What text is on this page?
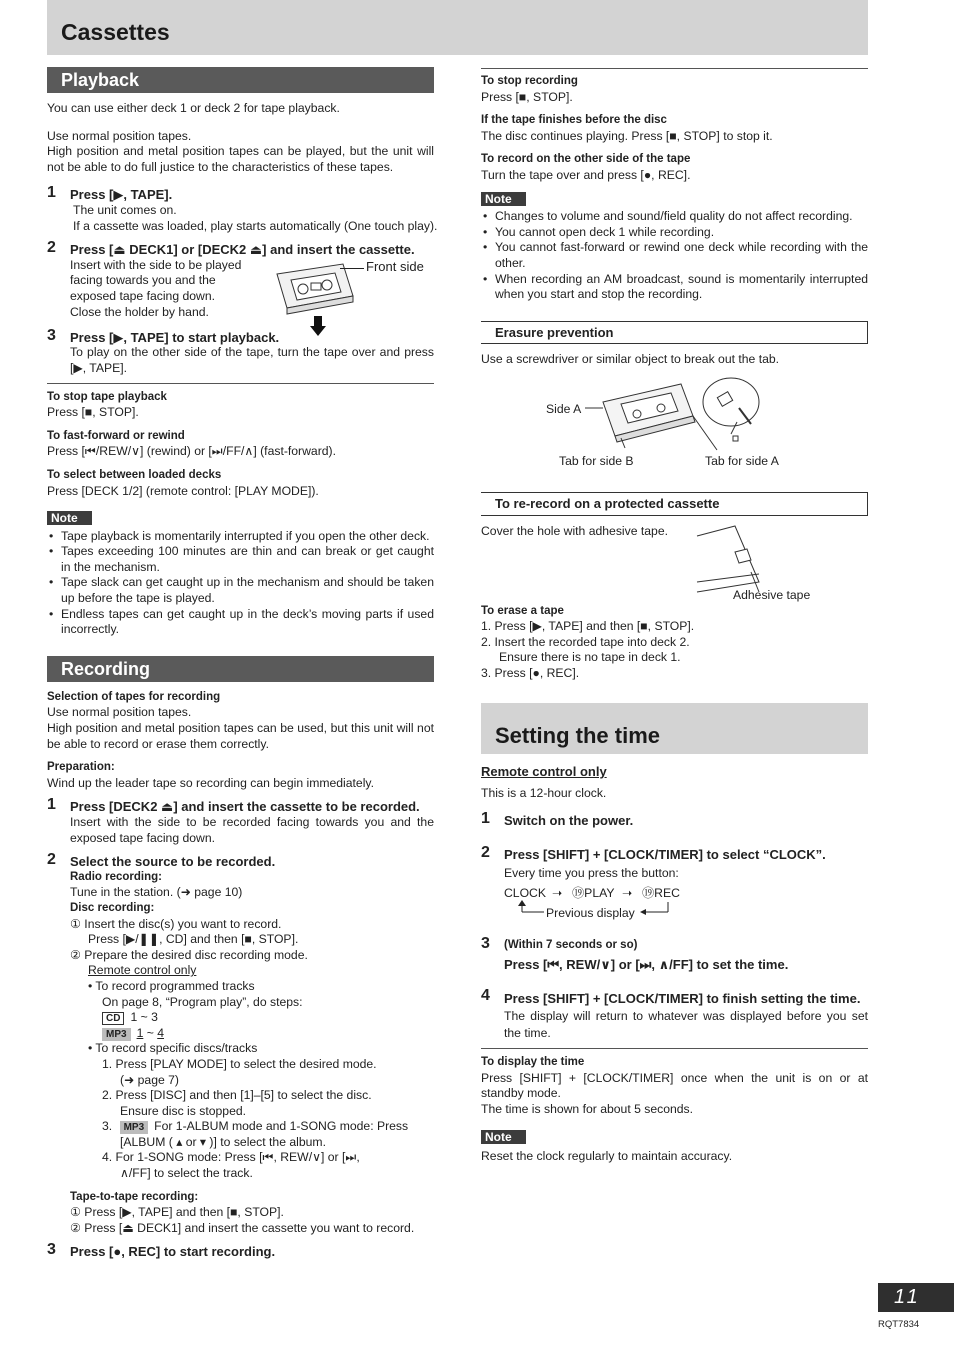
Cassettes
Playback

You can use either deck 1 or deck 2 for tape playback.

Use normal position tapes.

High position and metal position tapes can be played, but the unit will not be able to do full justice to the characteristics of these tapes.

1 Press [▶, TAPE].

The unit comes on.

If a cassette was loaded, play starts automatically (One touch play).

2 Press [⏏ DECK1] or [DECK2 ⏏] and insert the cassette.

Insert with the side to be played

facing towards you and the

exposed tape facing down.

Close the holder by hand.

Front side
3 Press [▶, TAPE] to start playback.

To play on the other side of the tape, turn the tape over and press [▶, TAPE].

To stop tape playback

Press [■, STOP].

To fast-forward or rewind

Press [⏮/REW/∨] (rewind) or [⏭/FF/∧] (fast-forward).

To select between loaded decks

Press [DECK 1/2] (remote control: [PLAY MODE]).

Note
• Tape playback is momentarily interrupted if you open the other deck.
• Tapes exceeding 100 minutes are thin and can break or get caught in the mechanism.
• Tape slack can get caught up in the mechanism and should be taken up before the tape is played.
• Endless tapes can get caught up in the deck’s moving parts if used incorrectly.
Recording

Selection of tapes for recording

Use normal position tapes.

High position and metal position tapes can be used, but this unit will not be able to record or erase them correctly.

Preparation:

Wind up the leader tape so recording can begin immediately.

1 Press [DECK2 ⏏] and insert the cassette to be recorded.

Insert with the side to be recorded facing towards you and the exposed tape facing down.

2 Select the source to be recorded.

Radio recording:

Tune in the station. (➜ page 10)

Disc recording:

① Insert the disc(s) you want to record.

Press [▶/❚❚, CD] and then [■, STOP].

② Prepare the desired disc recording mode.

Remote control only

• To record programmed tracks

On page 8, “Program play”, do steps:

CD 1 ~ 3

MP3 1 ~ 4

• To record specific discs/tracks

1. Press [PLAY MODE] to select the desired mode.

(➜ page 7)

2. Press [DISC] and then [1]–[5] to select the disc.

Ensure disc is stopped.

3. MP3 For 1-ALBUM mode and 1-SONG mode: Press

[ALBUM ( ▴ or ▾ )] to select the album.

4. For 1-SONG mode: Press [⏮, REW/∨] or [⏭,

∧/FF] to select the track.

Tape-to-tape recording:

① Press [▶, TAPE] and then [■, STOP].

② Press [⏏ DECK1] and insert the cassette you want to record.

3 Press [●, REC] to start recording.

To stop recording

Press [■, STOP].

If the tape finishes before the disc

The disc continues playing. Press [■, STOP] to stop it.

To record on the other side of the tape

Turn the tape over and press [●, REC].

Note
• Changes to volume and sound/field quality do not affect recording.
• You cannot open deck 1 while recording.
• You cannot fast-forward or rewind one deck while recording with the other.
• When recording an AM broadcast, sound is momentarily interrupted when you start and stop the recording.
Erasure prevention

Use a screwdriver or similar object to break out the tab.

Side A
Tab for side B	Tab for side A
To re-record on a protected cassette

Cover the hole with adhesive tape.

Adhesive tape

To erase a tape

1. Press [▶, TAPE] and then [■, STOP].

2. Insert the recorded tape into deck 2.

Ensure there is no tape in deck 1.

3. Press [●, REC].

Setting the time

Remote control only

This is a 12-hour clock.

1 Switch on the power.
2 Press [SHIFT] + [CLOCK/TIMER] to select “CLOCK”.

Every time you press the button:

CLOCK ➝ ⑲PLAY ➝ ⑲REC
Previous display
3 (Within 7 seconds or so)
Press [⏮, REW/∨] or [⏭, ∧/FF] to set the time.
4 Press [SHIFT] + [CLOCK/TIMER] to finish setting the time.

The display will return to whatever was displayed before you set the time.

To display the time

Press [SHIFT] + [CLOCK/TIMER] once when the unit is on or at standby mode.

The time is shown for about 5 seconds.

Note

Reset the clock regularly to maintain accuracy.

11
RQT7834
